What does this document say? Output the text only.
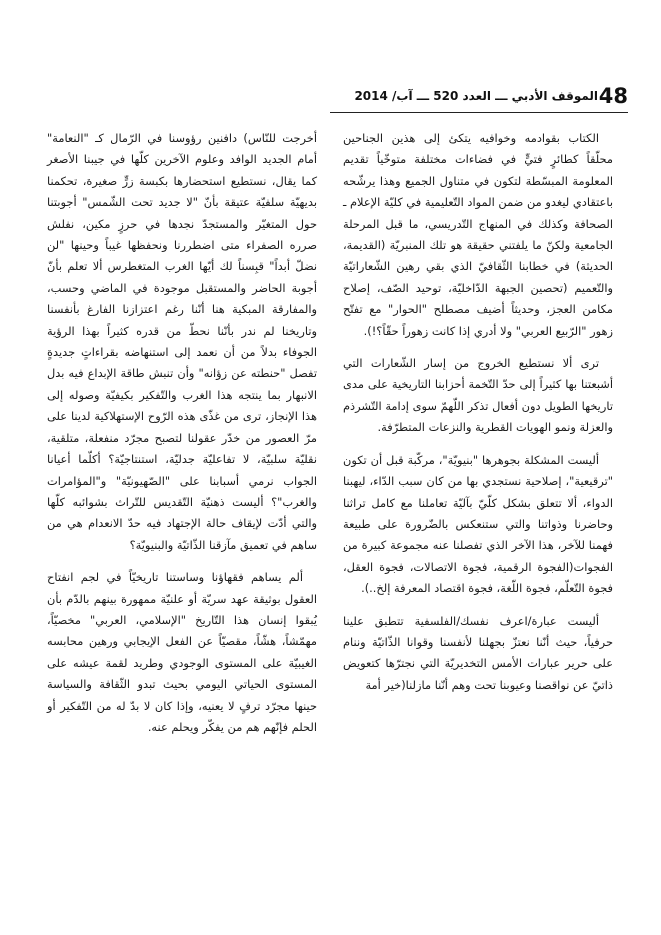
48
الموقف الأدبي ـــ العدد 520 ـــ آب/ 2014

الكتاب بقوادمه وخوافيه يتكئ إلى هذين الجناحين محلّقاً كطائرٍ فتيٍّ في فضاءات مختلفة متوخّياً تقديم المعلومة المبسّطة لتكون في متناول الجميع وهذا يرشّحه باعتقادي ليغدو من ضمن المواد التّعليمية في كليّة الإعلام ـ الصحافة وكذلك في المنهاج التّدريسي، ما قبل المرحلة الجامعية ولكنّ ما يلفتني حقيقة هو تلك المنبريّة (القديمة، الحديثة) في خطابنا الثّقافيّ الذي بقي رهين الشّعاراتيّة والتّعميم (تحصين الجبهة الدّاخليّة، توحيد الصّف، إصلاح مكامن العجز، وحديثاً أضيف مصطلح "الحوار" مع تفتّح زهور "الرّبيع العربي" ولا أدري إذا كانت زهوراً حقّاً؟!).

ترى ألا نستطيع الخروج من إسار الشّعارات التي أشبعتنا بها كثيراً إلى حدّ التّخمة أحزابنا التاريخية على مدى تاريخها الطويل دون أفعال تذكر اللّهمّ سوى إدامة التّشرذم والعزلة ونمو الهويات القطرية والنزعات المتطرّفة.

أليست المشكلة بجوهرها "بنيويّة"، مركّبة قبل أن تكون "ترقيعية"، إصلاحية نستجدي بها من كان سبب الدّاء، ليهبنا الدواء، ألا تتعلق بشكل كلّيّ بآليّة تعاملنا مع كامل تراثنا وحاضرنا وذواتنا والتي ستنعكس بالضّرورة على طبيعة فهمنا للآخر، هذا الآخر الذي تفصلنا عنه مجموعة كبيرة من الفجوات(الفجوة الرقمية، فجوة الاتصالات، فجوة العقل، فجوة التّعلّم، فجوة اللّغة، فجوة اقتصاد المعرفة إلخ..).

أليست عبارة/اعرف نفسك/الفلسفية تتطبق علينا حرفياً، حيث أنّنا نعتزّ بجهلنا لأنفسنا وقوانا الذّاتيّة وننام على حرير عبارات الأمس التخديريّة التي نجترّها كتعويض ذاتيّ عن نواقصنا وعيوبنا تحت وهم أنّنا مازلنا(خير أمة

أخرجت للنّاس) دافنين رؤوسنا في الرّمال كـ "النعامة" أمام الجديد الوافد وعلوم الآخرين كلّها في جيبنا الأصغر كما يقال، نستطيع استحضارها بكبسة زرٍّ صغيرة، تحكمنا بديهيّة سلفيّة عتيقة بأنّ "لا جديد تحت الشّمس" أجوبتنا حول المتغيّر والمستجدّ نجدها في حرزٍ مكين، نفلش صرره الصفراء متى اضطررنا ونحفظها غيباً وحينها "لن نضلّ أبداً" قبِسناً لك أيّها الغرب المتغطرس ألا تعلم بأنّ أجوبة الحاضر والمستقبل موجودة في الماضي وحسب، والمفارقة المبكية هنا أنّنا رغم اعتزازنا الفارغ بأنفسنا وتاريخنا لم ندر بأنّنا نحطّ من قدره كثيراً بهذا الرؤية الجوفاء بدلاً من أن نعمد إلى استنهاضه بقراءاتٍ جديدةٍ تفصل "حنطته عن زؤانه" وأن تنبش طاقة الإبداع فيه بدل الانبهار بما ينتجه هذا الغرب والتّفكير بكيفيّة وصوله إلى هذا الإنجاز، ترى من غذّى هذه الرّوح الإستهلاكية لدينا على مرّ العصور من خدّر عقولنا لتصبح مجرّد منفعلة، متلقية، نقليّة سلبيّة، لا تفاعليّة جدليّة، استنتاجيّة؟ أكلّما أعيانا الجواب نرمي أسبابنا على "الصّهيونيّة" و"المؤامرات والغرب"؟ أليست ذهنيّة التّقديس للتّراث بشوائبه كلّها والتي أدّت لإيقاف حالة الإجتهاد فيه حدّ الانعدام هي من ساهم في تعميق مآزقنا الذّاتيّة والبنيويّة؟

ألم يساهم فقهاؤنا وساستنا تاريخيّاً في لجم انفتاح العقول بوثيقة عهد سريّة أو علنيّة ممهورة بينهم بالدّم بأن يُبقوا إنسان هذا التّاريخ "الإسلامي، العربي" مخصيّاً، مهمّشاً، هشّاً، مقصيّاً عن الفعل الإيجابي ورهين محابسه الغيبيّة على المستوى الوجودي وطريد لقمة عيشه على المستوى الحياتي اليومي بحيث تبدو الثّقافة والسياسة حينها مجرّد ترفٍ لا يعنيه، وإذا كان لا بدّ له من التّفكير أو الحلم فإنّهم هم من يفكّر ويحلم عنه.
